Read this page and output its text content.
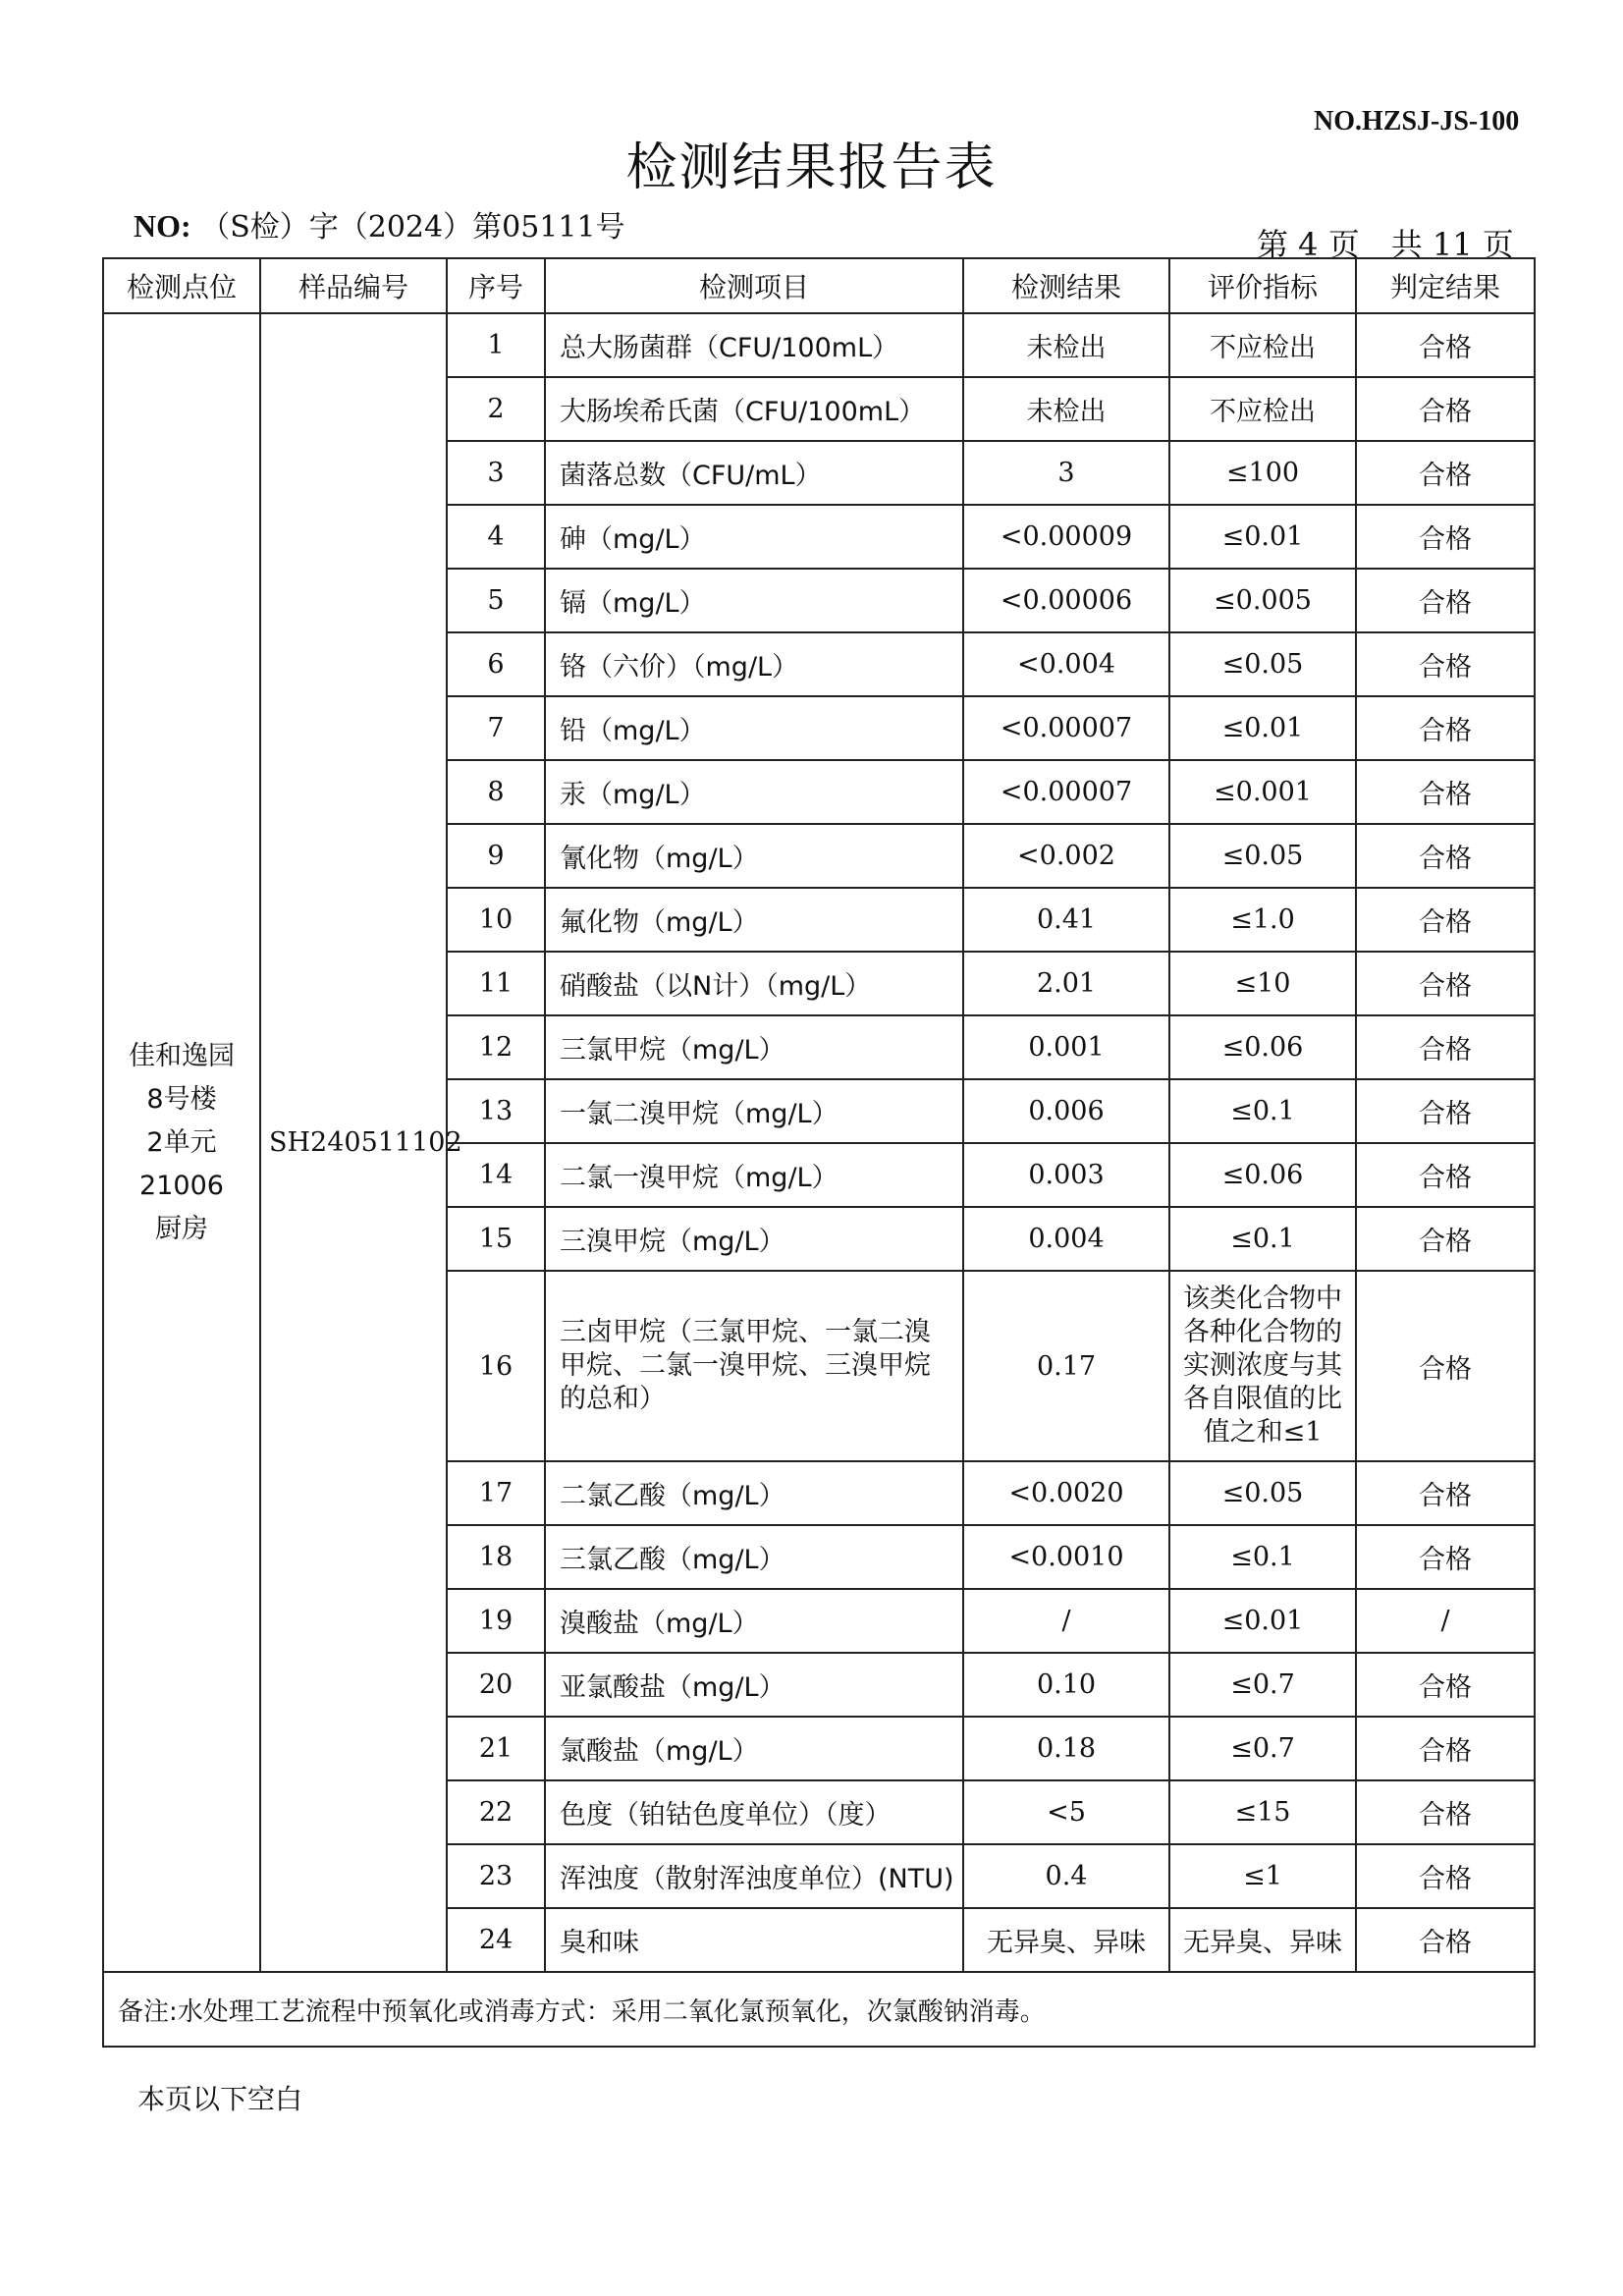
NO.HZSJ-JS-100
检测结果报告表
NO: （S检）字（2024）第05111号	第 4 页　共 11 页
检测点位	样品编号	序号	检测项目	检测结果	评价指标	判定结果

佳和逸园
8号楼
2单元
21006
厨房	SH240511102	1	总大肠菌群（CFU/100mL）	未检出	不应检出	合格
		2	大肠埃希氏菌（CFU/100mL）	未检出	不应检出	合格
		3	菌落总数（CFU/mL）	3	≤100	合格
		4	砷（mg/L）	<0.00009	≤0.01	合格
		5	镉（mg/L）	<0.00006	≤0.005	合格
		6	铬（六价）（mg/L）	<0.004	≤0.05	合格
		7	铅（mg/L）	<0.00007	≤0.01	合格
		8	汞（mg/L）	<0.00007	≤0.001	合格
		9	氰化物（mg/L）	<0.002	≤0.05	合格
		10	氟化物（mg/L）	0.41	≤1.0	合格
		11	硝酸盐（以N计）（mg/L）	2.01	≤10	合格
		12	三氯甲烷（mg/L）	0.001	≤0.06	合格
		13	一氯二溴甲烷（mg/L）	0.006	≤0.1	合格
		14	二氯一溴甲烷（mg/L）	0.003	≤0.06	合格
		15	三溴甲烷（mg/L）	0.004	≤0.1	合格
		16	三卤甲烷（三氯甲烷、一氯二溴甲烷、二氯一溴甲烷、三溴甲烷的总和）	0.17	该类化合物中各种化合物的实测浓度与其各自限值的比值之和≤1	合格
		17	二氯乙酸（mg/L）	<0.0020	≤0.05	合格
		18	三氯乙酸（mg/L）	<0.0010	≤0.1	合格
		19	溴酸盐（mg/L）	/	≤0.01	/
		20	亚氯酸盐（mg/L）	0.10	≤0.7	合格
		21	氯酸盐（mg/L）	0.18	≤0.7	合格
		22	色度（铂钴色度单位）（度）	<5	≤15	合格
		23	浑浊度（散射浑浊度单位）(NTU)	0.4	≤1	合格
		24	臭和味	无异臭、异味	无异臭、异味	合格
备注:水处理工艺流程中预氧化或消毒方式：采用二氧化氯预氧化，次氯酸钠消毒。						
本页以下空白
